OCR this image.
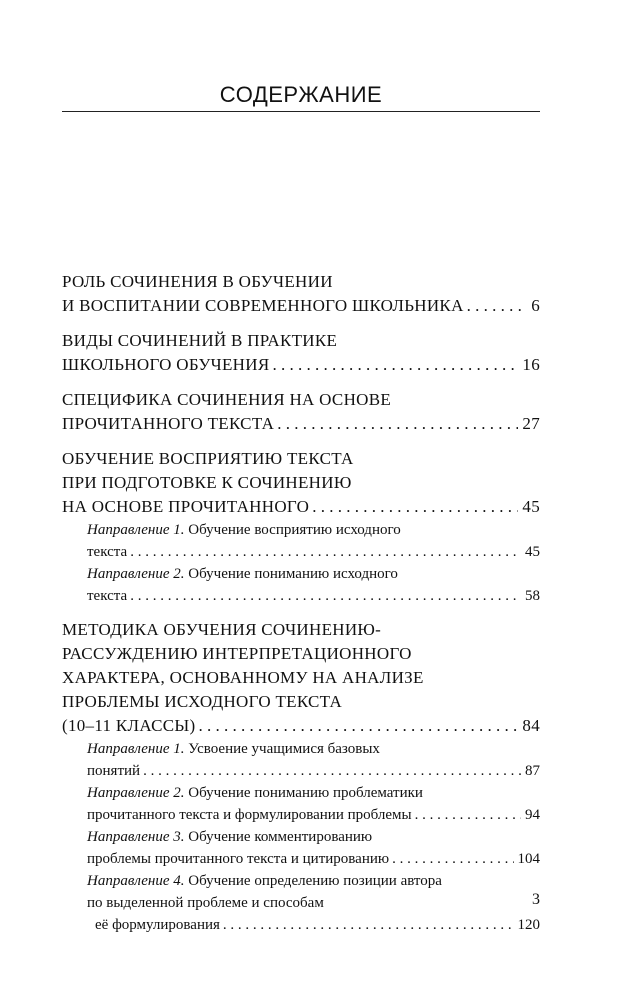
СОДЕРЖАНИЕ
РОЛЬ СОЧИНЕНИЯ В ОБУЧЕНИИ
И ВОСПИТАНИИ СОВРЕМЕННОГО ШКОЛЬНИКА . . .	6
ВИДЫ СОЧИНЕНИЙ В ПРАКТИКЕ
ШКОЛЬНОГО ОБУЧЕНИЯ . . .	16
СПЕЦИФИКА СОЧИНЕНИЯ НА ОСНОВЕ
ПРОЧИТАННОГО ТЕКСТА . . .	27
ОБУЧЕНИЕ ВОСПРИЯТИЮ ТЕКСТА
ПРИ ПОДГОТОВКЕ К СОЧИНЕНИЮ
НА ОСНОВЕ ПРОЧИТАННОГО . . .	45
Направление 1. Обучение восприятию исходного
текста . . .	45
Направление 2. Обучение пониманию исходного
текста . . .	58
МЕТОДИКА ОБУЧЕНИЯ СОЧИНЕНИЮ-
РАССУЖДЕНИЮ ИНТЕРПРЕТАЦИОННОГО
ХАРАКТЕРА, ОСНОВАННОМУ НА АНАЛИЗЕ
ПРОБЛЕМЫ ИСХОДНОГО ТЕКСТА
(10–11 КЛАССЫ) . . .	84
Направление 1. Усвоение учащимися базовых
понятий . . .	87
Направление 2. Обучение пониманию проблематики
прочитанного текста и формулировании проблемы . . .	94
Направление 3. Обучение комментированию
проблемы прочитанного текста и цитированию . . .	104
Направление 4. Обучение определению позиции автора
по выделенной проблеме и способам
её формулирования . . .	120
3
